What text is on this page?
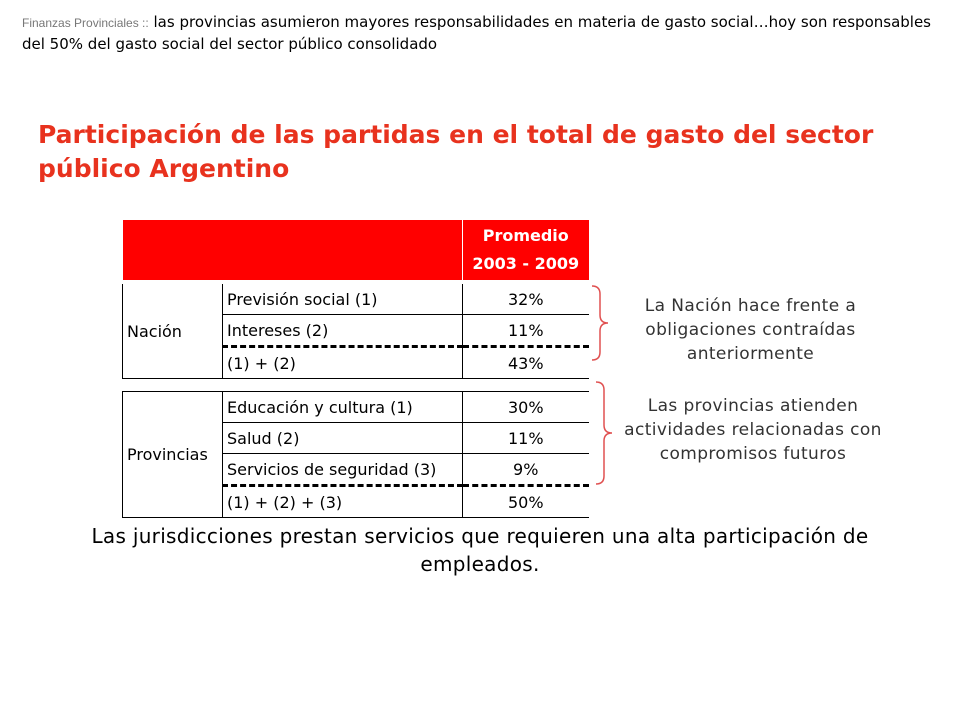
Finanzas Provinciales :: las provincias asumieron mayores responsabilidades en materia de gasto social…hoy son responsables del 50% del gasto social del sector público consolidado
Participación de las partidas en el total de gasto del sector público Argentino

		Promedio
2003 - 2009

Nación	Previsión social (1)	32%
	Intereses (2)	11%
	(1) + (2)	43%

Provincias	Educación y cultura (1)	30%
	Salud (2)	11%
	Servicios de seguridad (3)	9%
	(1) + (2) + (3)	50%
La Nación hace frente a obligaciones contraídas anteriormente
Las provincias atienden actividades relacionadas con compromisos futuros
Las jurisdicciones prestan servicios que requieren una alta participación de empleados.
